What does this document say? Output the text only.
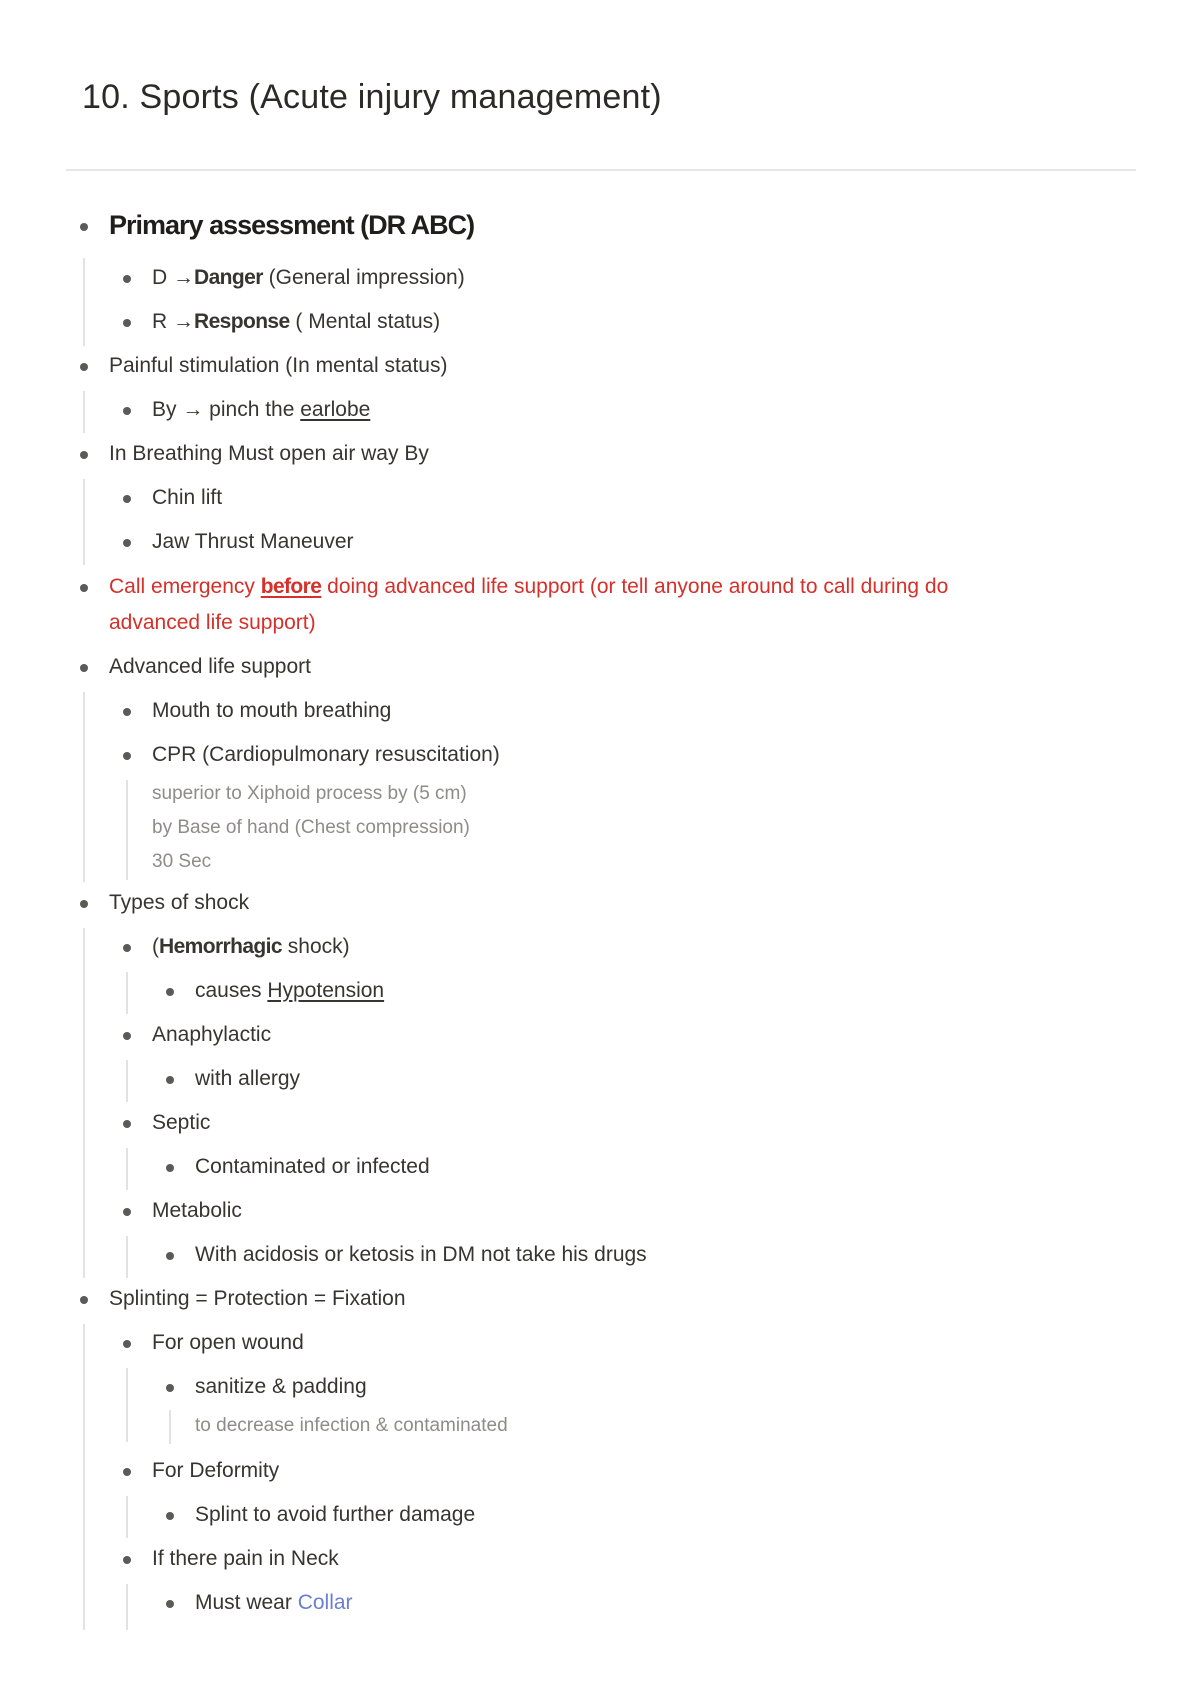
10. Sports (Acute injury management)
Primary assessment (DR ABC)
D →Danger (General impression)
R →Response ( Mental status)
Painful stimulation (In mental status)
By → pinch the earlobe
In Breathing Must open air way By
Chin lift
Jaw Thrust Maneuver
Call emergency before doing advanced life support (or tell anyone around to call during do
advanced life support)
Advanced life support
Mouth to mouth breathing
CPR (Cardiopulmonary resuscitation)
superior to Xiphoid process by (5 cm)
by Base of hand (Chest compression)
30 Sec
Types of shock
(Hemorrhagic shock)
causes Hypotension
Anaphylactic
with allergy
Septic
Contaminated or infected
Metabolic
With acidosis or ketosis in DM not take his drugs
Splinting = Protection = Fixation
For open wound
sanitize & padding
to decrease infection & contaminated
For Deformity
Splint to avoid further damage
If there pain in Neck
Must wear Collar
